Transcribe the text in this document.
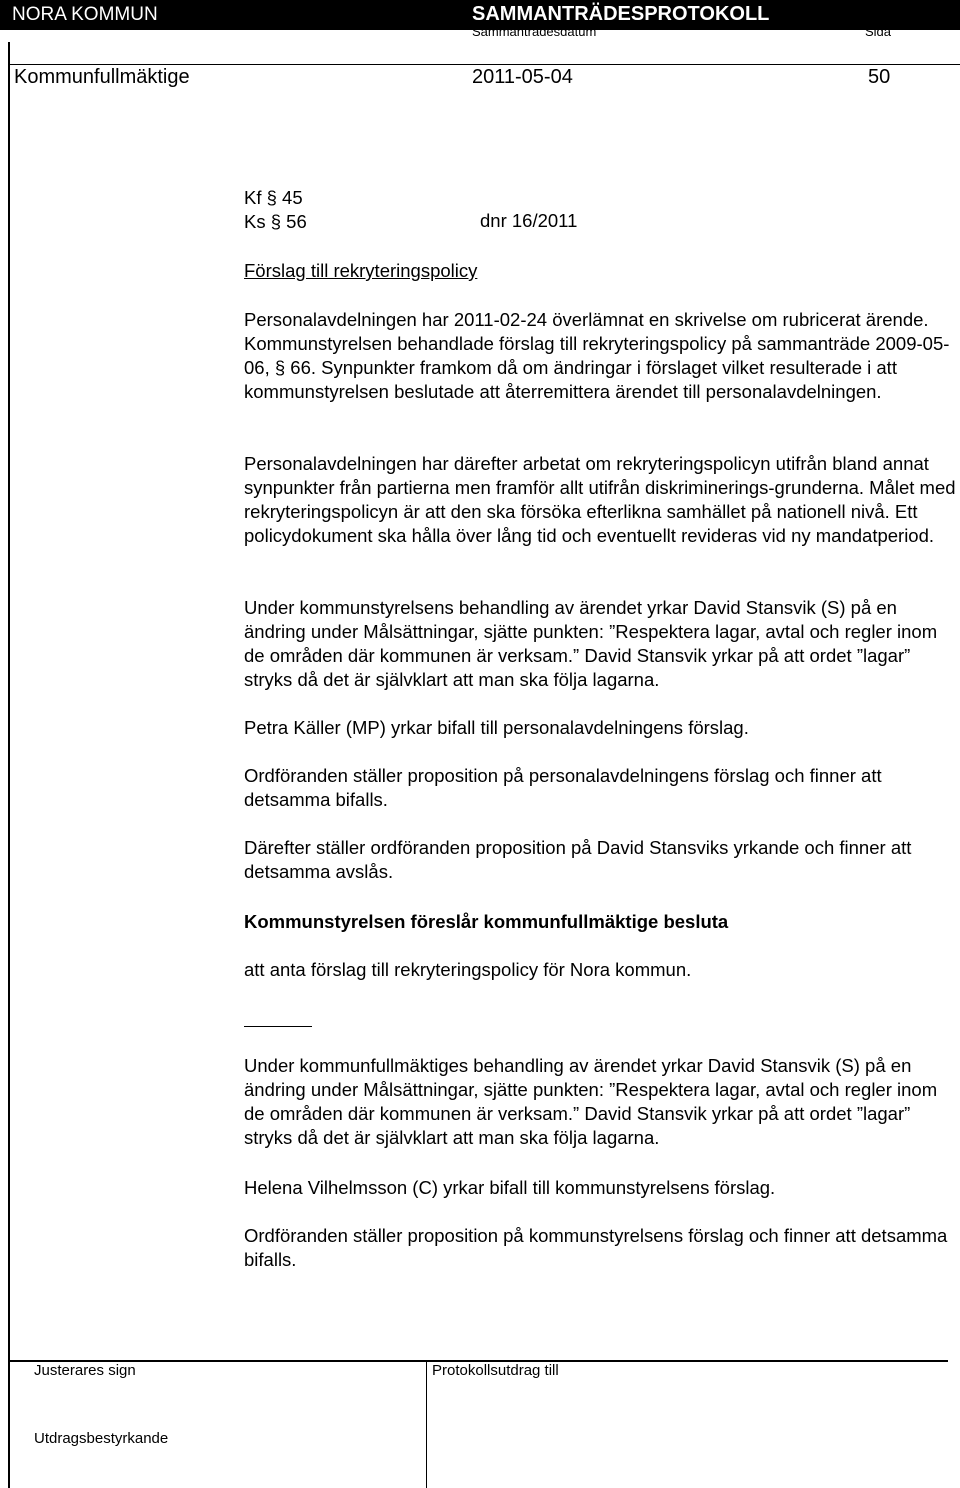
NORA KOMMUN	SAMMANTRÄDESPROTOKOLL
Sammanträdesdatum	Sida
Kommunfullmäktige	2011-05-04	50
Kf § 45
Ks § 56	dnr 16/2011
Förslag till rekryteringspolicy

Personalavdelningen har 2011-02-24 överlämnat en skrivelse om rubricerat ärende. Kommunstyrelsen behandlade förslag till rekryteringspolicy på sammanträde 2009-05-06, § 66. Synpunkter framkom då om ändringar i förslaget vilket resulterade i att kommunstyrelsen beslutade att återremittera ärendet till personalavdelningen.

Personalavdelningen har därefter arbetat om rekryteringspolicyn utifrån bland annat synpunkter från partierna men framför allt utifrån diskriminerings-grunderna. Målet med rekryteringspolicyn är att den ska försöka efterlikna samhället på nationell nivå. Ett policydokument ska hålla över lång tid och eventuellt revideras vid ny mandatperiod.

Under kommunstyrelsens behandling av ärendet yrkar David Stansvik (S) på en ändring under Målsättningar, sjätte punkten: ”Respektera lagar, avtal och regler inom de områden där kommunen är verksam.” David Stansvik yrkar på att ordet ”lagar” stryks då det är självklart att man ska följa lagarna.

Petra Käller (MP) yrkar bifall till personalavdelningens förslag.

Ordföranden ställer proposition på personalavdelningens förslag och finner att detsamma bifalls.

Därefter ställer ordföranden proposition på David Stansviks yrkande och finner att detsamma avslås.

Kommunstyrelsen föreslår kommunfullmäktige besluta
att anta förslag till rekryteringspolicy för Nora kommun.

Under kommunfullmäktiges behandling av ärendet yrkar David Stansvik (S) på en ändring under Målsättningar, sjätte punkten: ”Respektera lagar, avtal och regler inom de områden där kommunen är verksam.” David Stansvik yrkar på att ordet ”lagar” stryks då det är självklart att man ska följa lagarna.

Helena Vilhelmsson (C) yrkar bifall till kommunstyrelsens förslag.

Ordföranden ställer proposition på kommunstyrelsens förslag och finner att detsamma bifalls.

Justerares sign	Protokollsutdrag till
Utdragsbestyrkande
